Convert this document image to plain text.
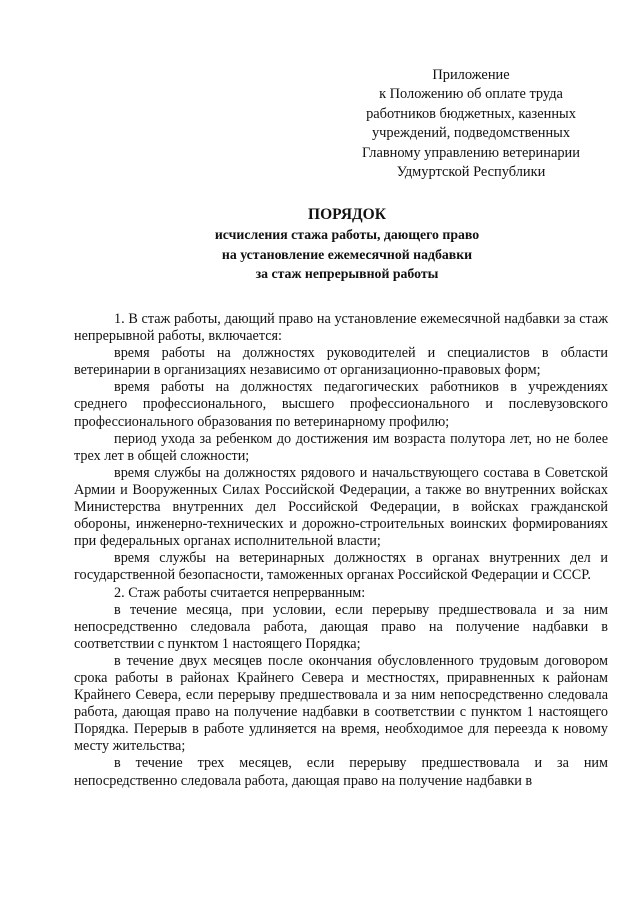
Приложение
к Положению об оплате труда
работников бюджетных, казенных
учреждений, подведомственных
Главному управлению ветеринарии
Удмуртской Республики
ПОРЯДОК
исчисления стажа работы, дающего право
на установление ежемесячной надбавки
за стаж непрерывной работы

1. В стаж работы, дающий право на установление ежемесячной надбавки за стаж непрерывной работы, включается:

время работы на должностях руководителей и специалистов в области ветеринарии в организациях независимо от организационно-правовых форм;

время работы на должностях педагогических работников в учреждениях среднего профессионального, высшего профессионального и послевузовского профессионального образования по ветеринарному профилю;

период ухода за ребенком до достижения им возраста полутора лет, но не более трех лет в общей сложности;

время службы на должностях рядового и начальствующего состава в Советской Армии и Вооруженных Силах Российской Федерации, а также во внутренних войсках Министерства внутренних дел Российской Федерации, в войсках гражданской обороны, инженерно-технических и дорожно-строительных воинских формированиях при федеральных органах исполнительной власти;

время службы на ветеринарных должностях в органах внутренних дел и государственной безопасности, таможенных органах Российской Федерации и СССР.

2. Стаж работы считается непрерванным:

в течение месяца, при условии, если перерыву предшествовала и за ним непосредственно следовала работа, дающая право на получение надбавки в соответствии с пунктом 1 настоящего Порядка;

в течение двух месяцев после окончания обусловленного трудовым договором срока работы в районах Крайнего Севера и местностях, приравненных к районам Крайнего Севера, если перерыву предшествовала и за ним непосредственно следовала работа, дающая право на получение надбавки в соответствии с пунктом 1 настоящего Порядка. Перерыв в работе удлиняется на время, необходимое для переезда к новому месту жительства;

в течение трех месяцев, если перерыву предшествовала и за ним непосредственно следовала работа, дающая право на получение надбавки в
